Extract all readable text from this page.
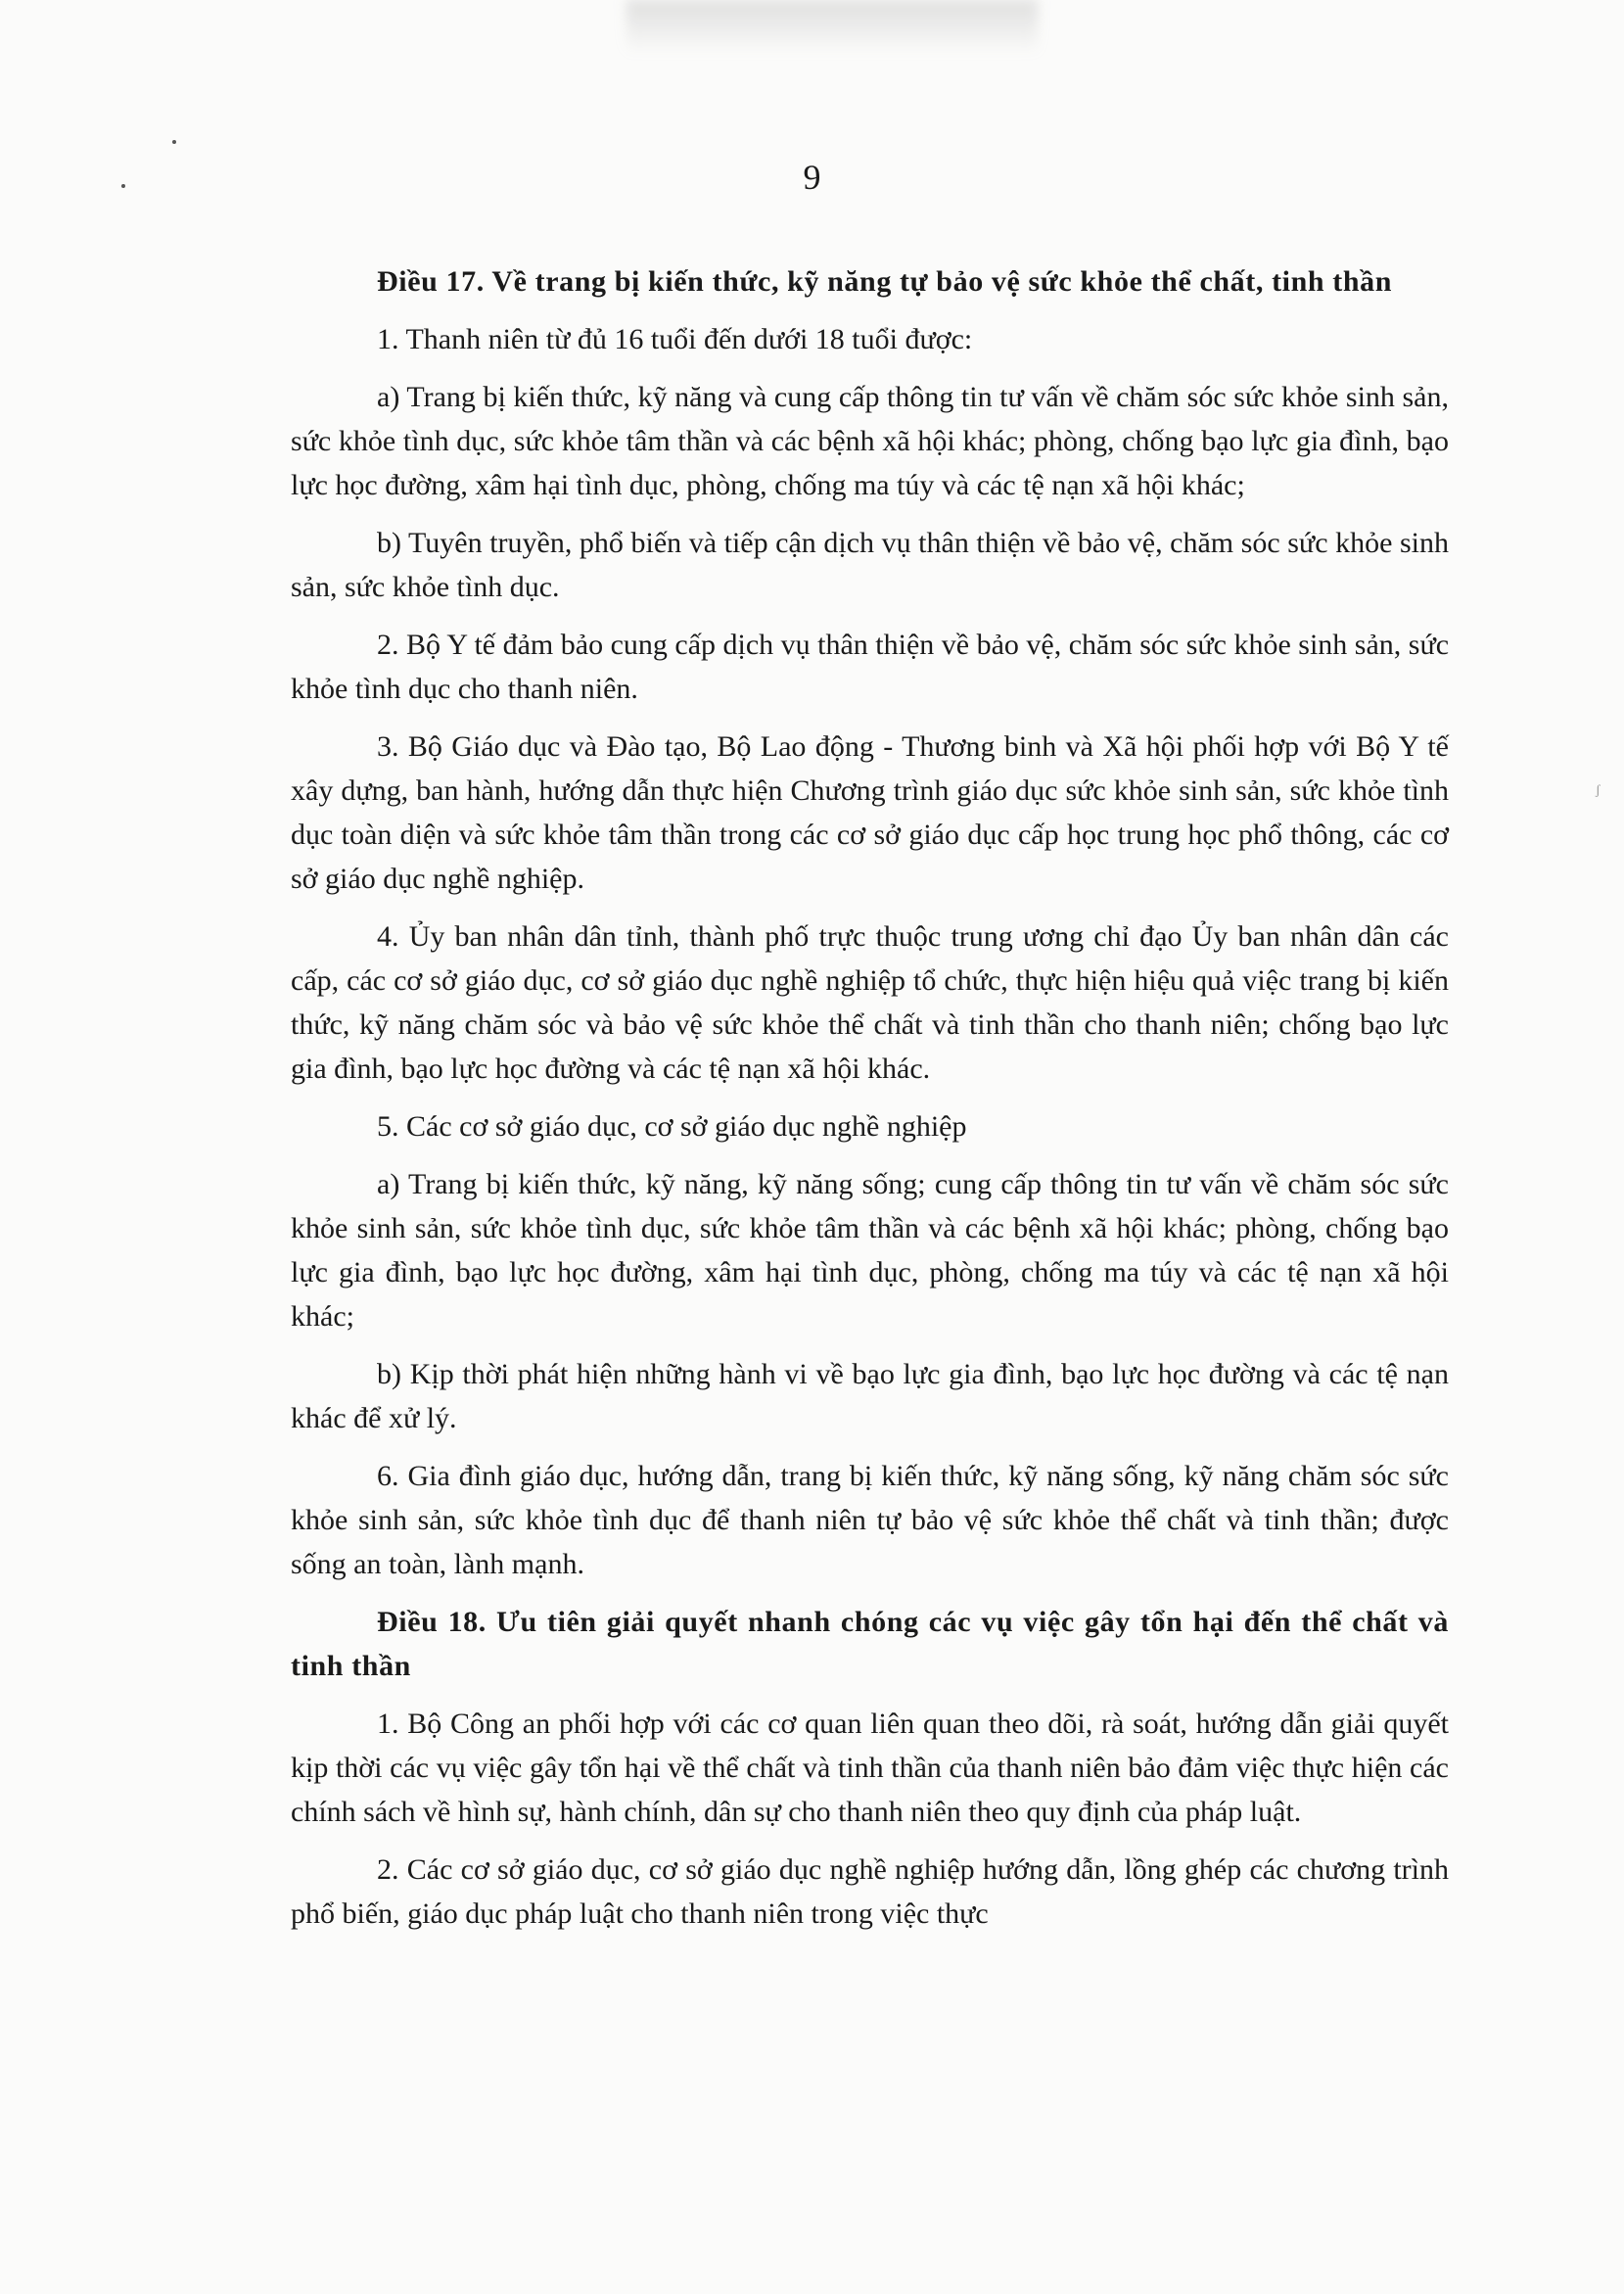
ʃ
9

Điều 17. Về trang bị kiến thức, kỹ năng tự bảo vệ sức khỏe thể chất, tinh thần

1. Thanh niên từ đủ 16 tuổi đến dưới 18 tuổi được:

a) Trang bị kiến thức, kỹ năng và cung cấp thông tin tư vấn về chăm sóc sức khỏe sinh sản, sức khỏe tình dục, sức khỏe tâm thần và các bệnh xã hội khác; phòng, chống bạo lực gia đình, bạo lực học đường, xâm hại tình dục, phòng, chống ma túy và các tệ nạn xã hội khác;

b) Tuyên truyền, phổ biến và tiếp cận dịch vụ thân thiện về bảo vệ, chăm sóc sức khỏe sinh sản, sức khỏe tình dục.

2. Bộ Y tế đảm bảo cung cấp dịch vụ thân thiện về bảo vệ, chăm sóc sức khỏe sinh sản, sức khỏe tình dục cho thanh niên.

3. Bộ Giáo dục và Đào tạo, Bộ Lao động - Thương binh và Xã hội phối hợp với Bộ Y tế xây dựng, ban hành, hướng dẫn thực hiện Chương trình giáo dục sức khỏe sinh sản, sức khỏe tình dục toàn diện và sức khỏe tâm thần trong các cơ sở giáo dục cấp học trung học phổ thông, các cơ sở giáo dục nghề nghiệp.

4. Ủy ban nhân dân tỉnh, thành phố trực thuộc trung ương chỉ đạo Ủy ban nhân dân các cấp, các cơ sở giáo dục, cơ sở giáo dục nghề nghiệp tổ chức, thực hiện hiệu quả việc trang bị kiến thức, kỹ năng chăm sóc và bảo vệ sức khỏe thể chất và tinh thần cho thanh niên; chống bạo lực gia đình, bạo lực học đường và các tệ nạn xã hội khác.

5. Các cơ sở giáo dục, cơ sở giáo dục nghề nghiệp

a) Trang bị kiến thức, kỹ năng, kỹ năng sống; cung cấp thông tin tư vấn về chăm sóc sức khỏe sinh sản, sức khỏe tình dục, sức khỏe tâm thần và các bệnh xã hội khác; phòng, chống bạo lực gia đình, bạo lực học đường, xâm hại tình dục, phòng, chống ma túy và các tệ nạn xã hội khác;

b) Kịp thời phát hiện những hành vi về bạo lực gia đình, bạo lực học đường và các tệ nạn khác để xử lý.

6. Gia đình giáo dục, hướng dẫn, trang bị kiến thức, kỹ năng sống, kỹ năng chăm sóc sức khỏe sinh sản, sức khỏe tình dục để thanh niên tự bảo vệ sức khỏe thể chất và tinh thần; được sống an toàn, lành mạnh.

Điều 18. Ưu tiên giải quyết nhanh chóng các vụ việc gây tổn hại đến thể chất và tinh thần

1. Bộ Công an phối hợp với các cơ quan liên quan theo dõi, rà soát, hướng dẫn giải quyết kịp thời các vụ việc gây tổn hại về thể chất và tinh thần của thanh niên bảo đảm việc thực hiện các chính sách về hình sự, hành chính, dân sự cho thanh niên theo quy định của pháp luật.

2. Các cơ sở giáo dục, cơ sở giáo dục nghề nghiệp hướng dẫn, lồng ghép các chương trình phổ biến, giáo dục pháp luật cho thanh niên trong việc thực
